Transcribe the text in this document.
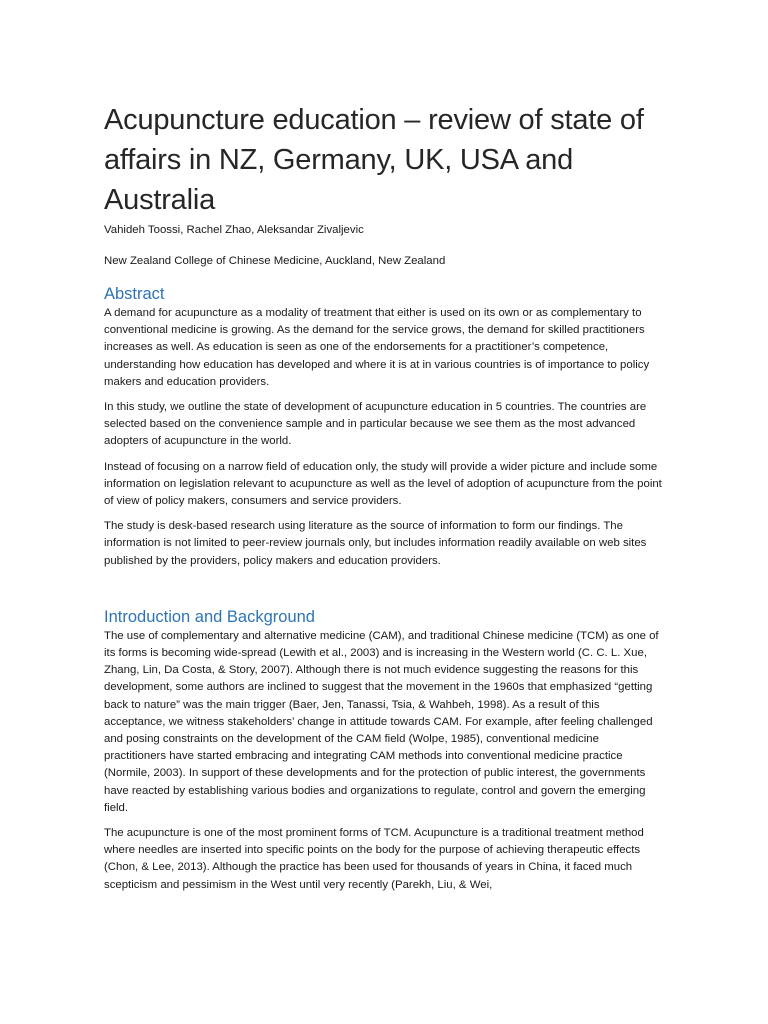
Acupuncture education – review of state of affairs in NZ, Germany, UK, USA and Australia

Vahideh Toossi, Rachel Zhao, Aleksandar Zivaljevic

New Zealand College of Chinese Medicine, Auckland, New Zealand

Abstract

A demand for acupuncture as a modality of treatment that either is used on its own or as complementary to conventional medicine is growing. As the demand for the service grows, the demand for skilled practitioners increases as well. As education is seen as one of the endorsements for a practitioner’s competence, understanding how education has developed and where it is at in various countries is of importance to policy makers and education providers.

In this study, we outline the state of development of acupuncture education in 5 countries. The countries are selected based on the convenience sample and in particular because we see them as the most advanced adopters of acupuncture in the world.

Instead of focusing on a narrow field of education only, the study will provide a wider picture and include some information on legislation relevant to acupuncture as well as the level of adoption of acupuncture from the point of view of policy makers, consumers and service providers.

The study is desk-based research using literature as the source of information to form our findings. The information is not limited to peer-review journals only, but includes information readily available on web sites published by the providers, policy makers and education providers.

Introduction and Background

The use of complementary and alternative medicine (CAM), and traditional Chinese medicine (TCM) as one of its forms is becoming wide-spread (Lewith et al., 2003) and is increasing in the Western world (C. C. L. Xue, Zhang, Lin, Da Costa, & Story, 2007). Although there is not much evidence suggesting the reasons for this development, some authors are inclined to suggest that the movement in the 1960s that emphasized “getting back to nature” was the main trigger (Baer, Jen, Tanassi, Tsia, & Wahbeh, 1998). As a result of this acceptance, we witness stakeholders’ change in attitude towards CAM. For example, after feeling challenged and posing constraints on the development of the CAM field (Wolpe, 1985), conventional medicine practitioners have started embracing and integrating CAM methods into conventional medicine practice (Normile, 2003). In support of these developments and for the protection of public interest, the governments have reacted by establishing various bodies and organizations to regulate, control and govern the emerging field.

The acupuncture is one of the most prominent forms of TCM. Acupuncture is a traditional treatment method where needles are inserted into specific points on the body for the purpose of achieving therapeutic effects (Chon, & Lee, 2013). Although the practice has been used for thousands of years in China, it faced much scepticism and pessimism in the West until very recently (Parekh, Liu, & Wei,
